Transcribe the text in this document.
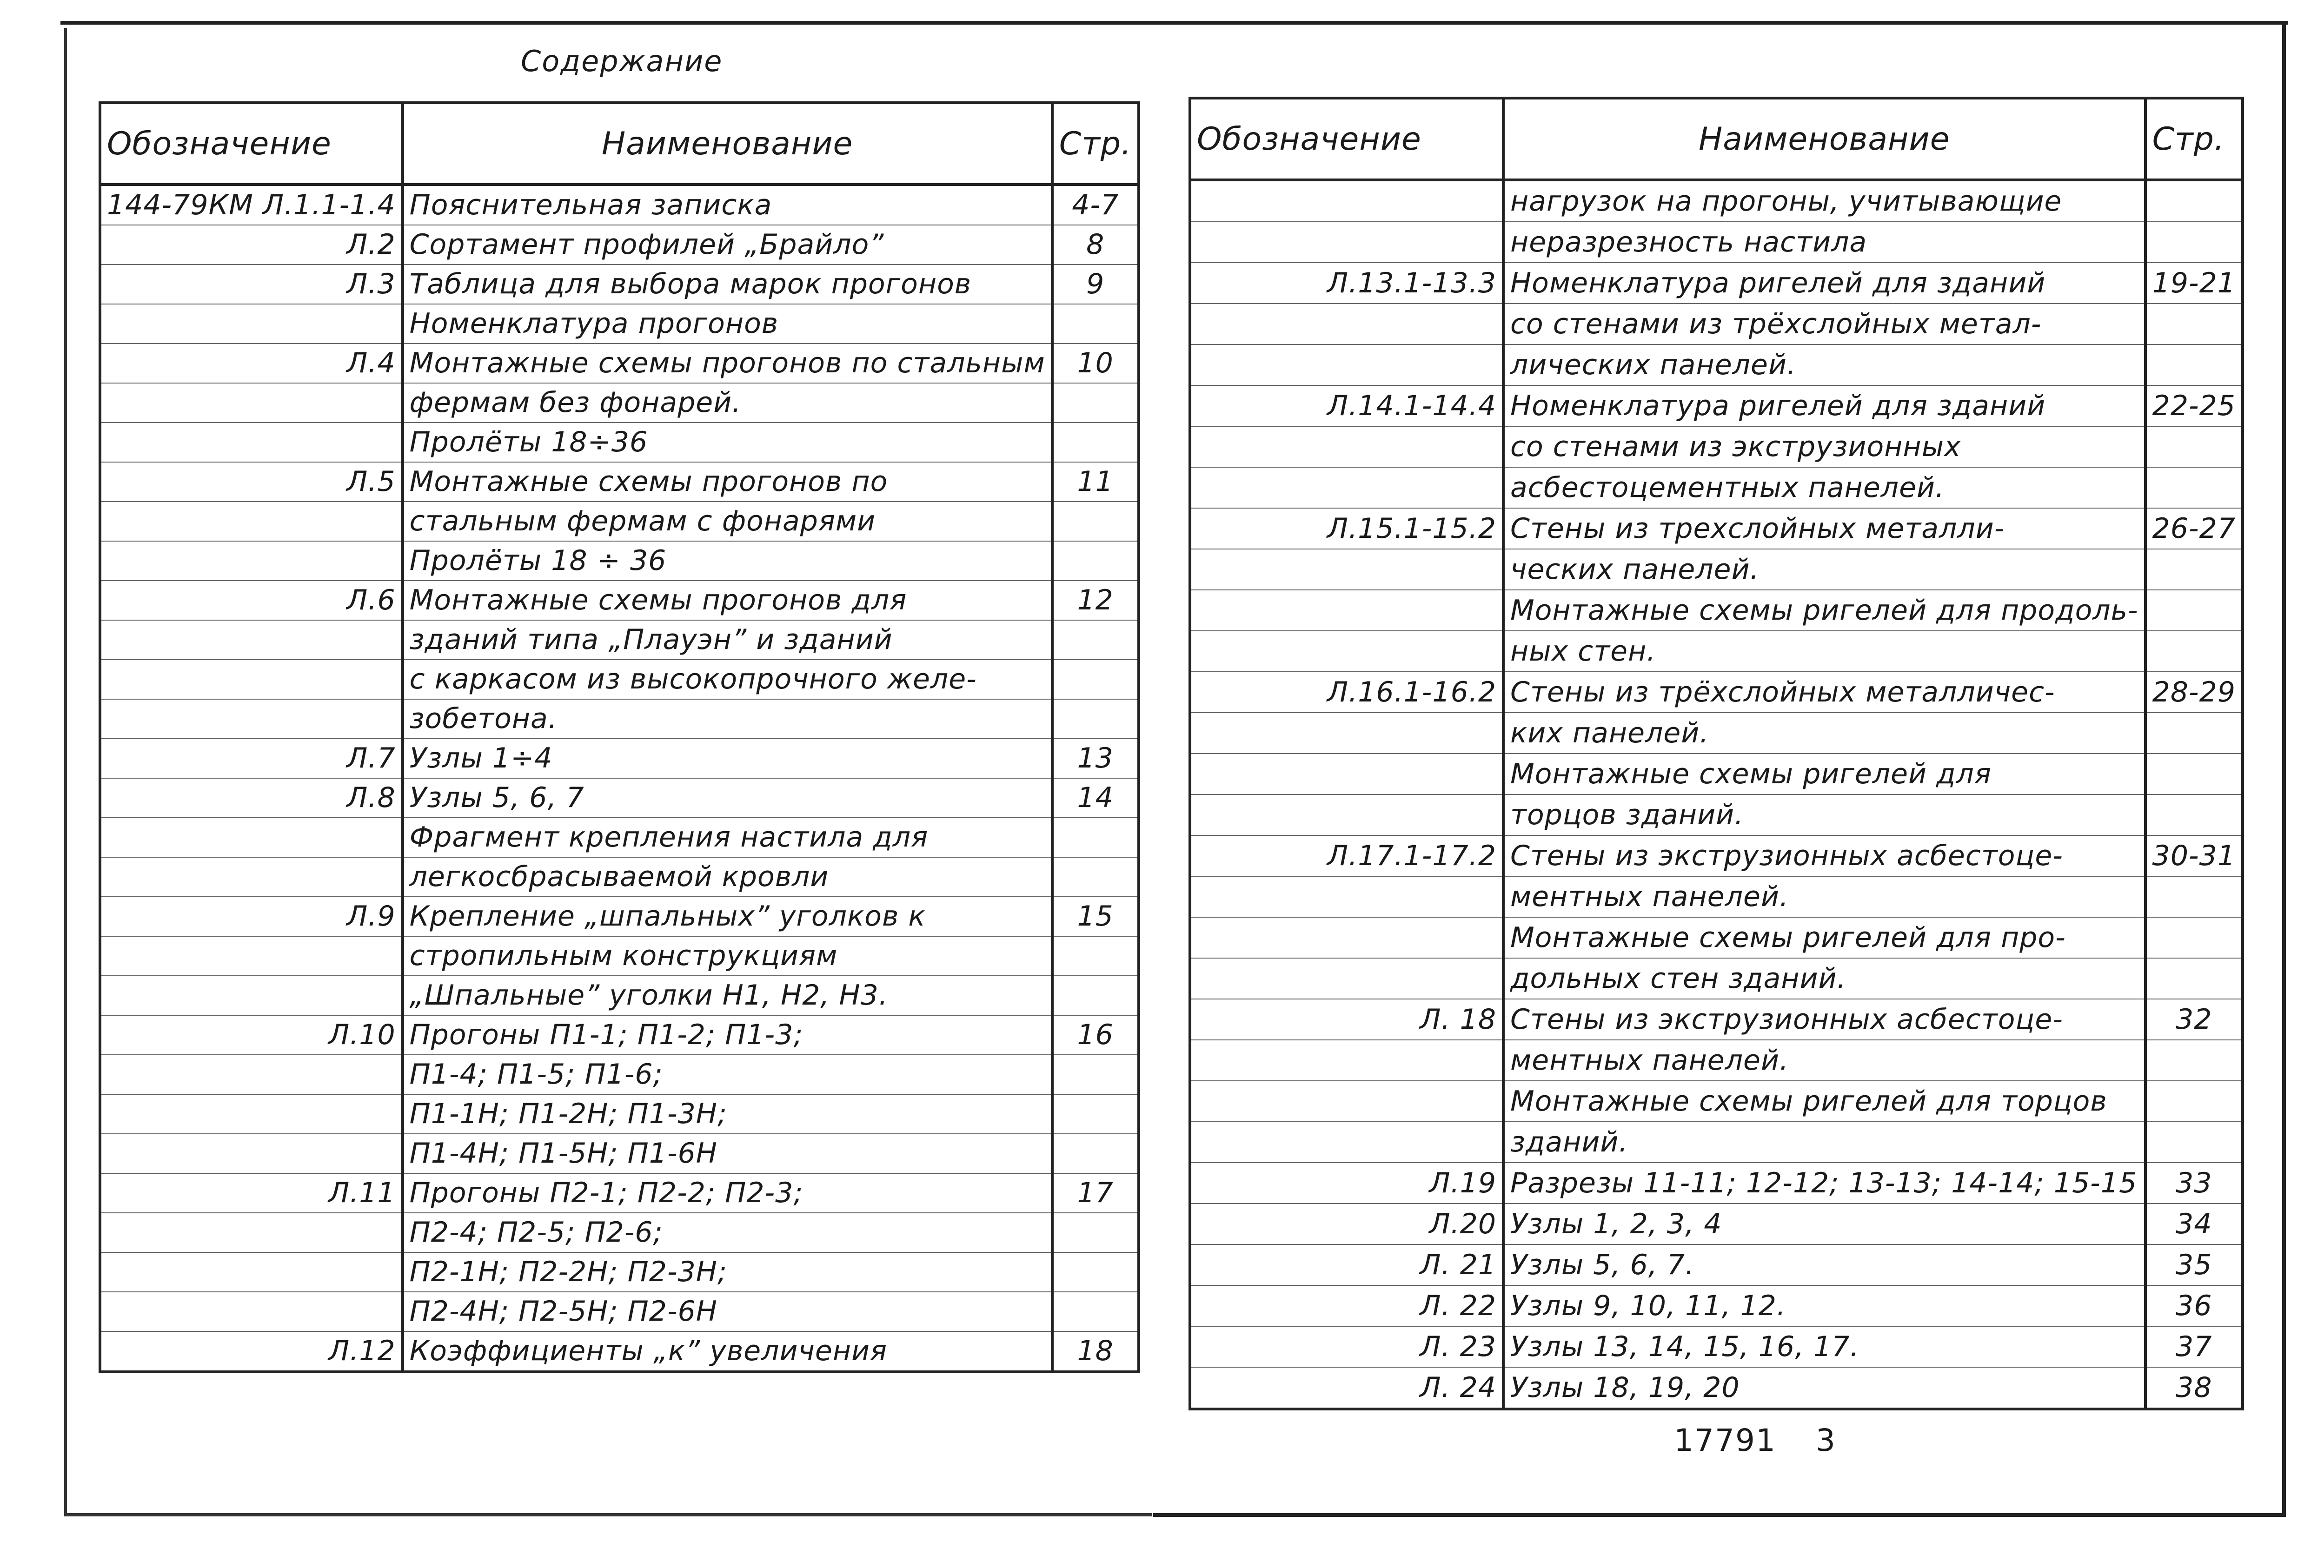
Содержание
Обозначение	Наименование	Стр.
144-79КМ Л.1.1-1.4	Пояснительная записка	4-7
Л.2	Сортамент профилей „Брайло”	8
Л.3	Таблица для выбора марок прогонов	9
	Номенклатура прогонов	
Л.4	Монтажные схемы прогонов по стальным	10
	фермам без фонарей.	
	Пролёты 18÷36	
Л.5	Монтажные схемы прогонов по	11
	стальным фермам с фонарями	
	Пролёты 18 ÷ 36	
Л.6	Монтажные схемы прогонов для	12
	зданий типа „Плауэн” и зданий	
	с каркасом из высокопрочного желе-	
	зобетона.	
Л.7	Узлы 1÷4	13
Л.8	Узлы 5, 6, 7	14
	Фрагмент крепления настила для	
	легкосбрасываемой кровли	
Л.9	Крепление „шпальных” уголков к	15
	стропильным конструкциям	
	„Шпальные” уголки Н1, Н2, Н3.	
Л.10	Прогоны П1-1; П1-2; П1-3;	16
	П1-4; П1-5; П1-6;	
	П1-1Н; П1-2Н; П1-3Н;	
	П1-4Н; П1-5Н; П1-6Н	
Л.11	Прогоны П2-1; П2-2; П2-3;	17
	П2-4; П2-5; П2-6;	
	П2-1Н; П2-2Н; П2-3Н;	
	П2-4Н; П2-5Н; П2-6Н	
Л.12	Коэффициенты „к” увеличения	18
Обозначение	Наименование	Стр.
	нагрузок на прогоны, учитывающие	
	неразрезность настила	
Л.13.1-13.3	Номенклатура ригелей для зданий	19-21
	со стенами из трёхслойных метал-	
	лических панелей.	
Л.14.1-14.4	Номенклатура ригелей для зданий	22-25
	со стенами из экструзионных	
	асбестоцементных панелей.	
Л.15.1-15.2	Стены из трехслойных металли-	26-27
	ческих панелей.	
	Монтажные схемы ригелей для продоль-	
	ных стен.	
Л.16.1-16.2	Стены из трёхслойных металличес-	28-29
	ких панелей.	
	Монтажные схемы ригелей для	
	торцов зданий.	
Л.17.1-17.2	Стены из экструзионных асбестоце-	30-31
	ментных панелей.	
	Монтажные схемы ригелей для про-	
	дольных стен зданий.	
Л. 18	Стены из экструзионных асбестоце-	32
	ментных панелей.	
	Монтажные схемы ригелей для торцов	
	зданий.	
Л.19	Разрезы 11-11; 12-12; 13-13; 14-14; 15-15	33
Л.20	Узлы 1, 2, 3, 4	34
Л. 21	Узлы 5, 6, 7.	35
Л. 22	Узлы 9, 10, 11, 12.	36
Л. 23	Узлы 13, 14, 15, 16, 17.	37
Л. 24	Узлы 18, 19, 20	38
17791 3
